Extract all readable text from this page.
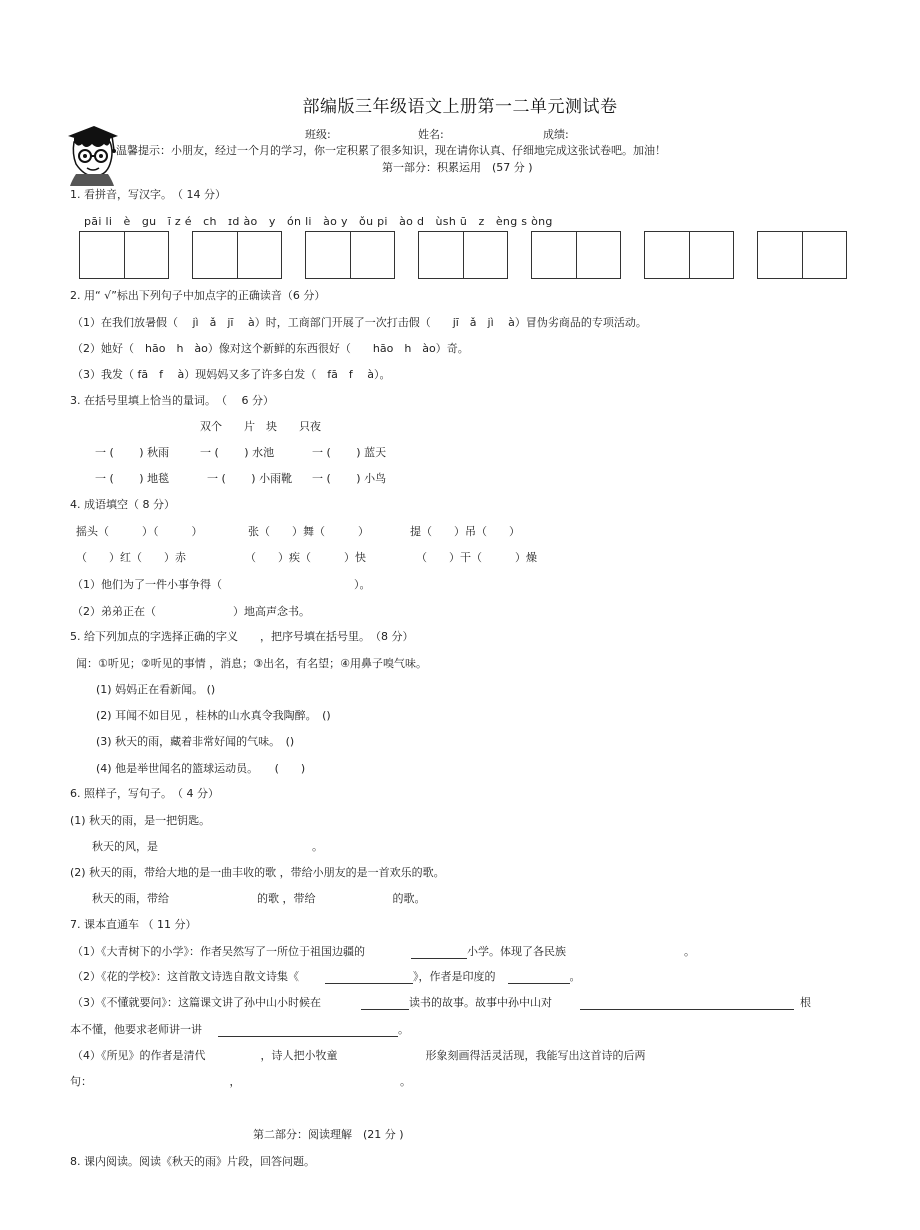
部编版三年级语文上册第一二单元测试卷
班级:	姓名:	成绩:
温馨提示：小朋友，经过一个月的学习，你一定积累了很多知识，现在请你认真、仔细地完成这张试卷吧。加油！
第一部分：积累运用　(57 分 )
1. 看拼音，写汉字。　（ 14 分）
pāi li　è　gu　ī z é　ch　ɪd ào　y　ón li　ào y　ǒu pi　ào d　ùsh ū　z　èng s òng
2. 用“ √”标出下列句子中加点字的正确读音（6 分）
（1）在我们放暑假（　 jì　ǎ　jī　 à）时，工商部门开展了一次打击假（　　jī　ǎ　jì　 à）冒伪劣商品的专项活动。
（2）她好（　hāo　h　ào）像对这个新鲜的东西很好（　　hāo　h　ào）奇。
（3）我发（ fā　f　 à）现妈妈又多了许多白发（　fā　f　 à）。
3. 在括号里填上恰当的量词。　（　 6 分）
双个　　片　块　　只夜
一 (　　 ) 秋雨	一 (　　 ) 水池	一 (　　 ) 蓝天
一 (　　 ) 地毯	一 (　　 ) 小雨靴 一 (　　 ) 小鸟
4. 成语填空（ 8 分）
摇头（　　　）（　　　）	张（　　）舞（　　　）	提（　　）吊（　　）
（　　）红（　　）赤	（　　）疾（　　　）快	（　　）干（　　　）燥
（1）他们为了一件小事争得（　　　　　　　　　　　　）。
（2）弟弟正在（　　　　　　　）地高声念书。
5. 给下列加点的字选择正确的字义　　，把序号填在括号里。　（8 分）
闻：①听见；②听见的事情 ，消息；③出名，有名望；④用鼻子嗅气味。
(1) 妈妈正在看新闻。 ()
(2) 耳闻不如目见 ，桂林的山水真令我陶醉。　()
(3) 秋天的雨，藏着非常好闻的气味。　()
(4) 他是举世闻名的篮球运动员。　　(　　)
6. 照样子，写句子。　（ 4 分）
(1) 秋天的雨，是一把钥匙。
秋天的风，是　　　　　　　　　　　　　　。
(2) 秋天的雨，带给大地的是一曲丰收的歌 ，带给小朋友的是一首欢乐的歌。
秋天的雨，带给　　　　　　　　的歌 ，带给　　　　　　　的歌。
7. 课本直通车 （ 11 分）
（1）《大青树下的小学》：作者吴然写了一所位于祖国边疆的	小学。体现了各民族	。
（2）《花的学校》：这首散文诗选自散文诗集《	》，作者是印度的	。
（3）《不懂就要问》：这篇课文讲了孙中山小时候在	读书的故事。故事中孙中山对	根
本不懂，他要求老师讲一讲	。
（4）《所见》的作者是清代　　　　　，诗人把小牧童　　　　　　　　形象刻画得活灵活现，我能写出这首诗的后两
句：　　　　　　　　　　　　　，　　　　　　　　　　　　　　　。
第二部分：阅读理解　(21 分 )
8. 课内阅读。阅读《秋天的雨》片段，回答问题。
